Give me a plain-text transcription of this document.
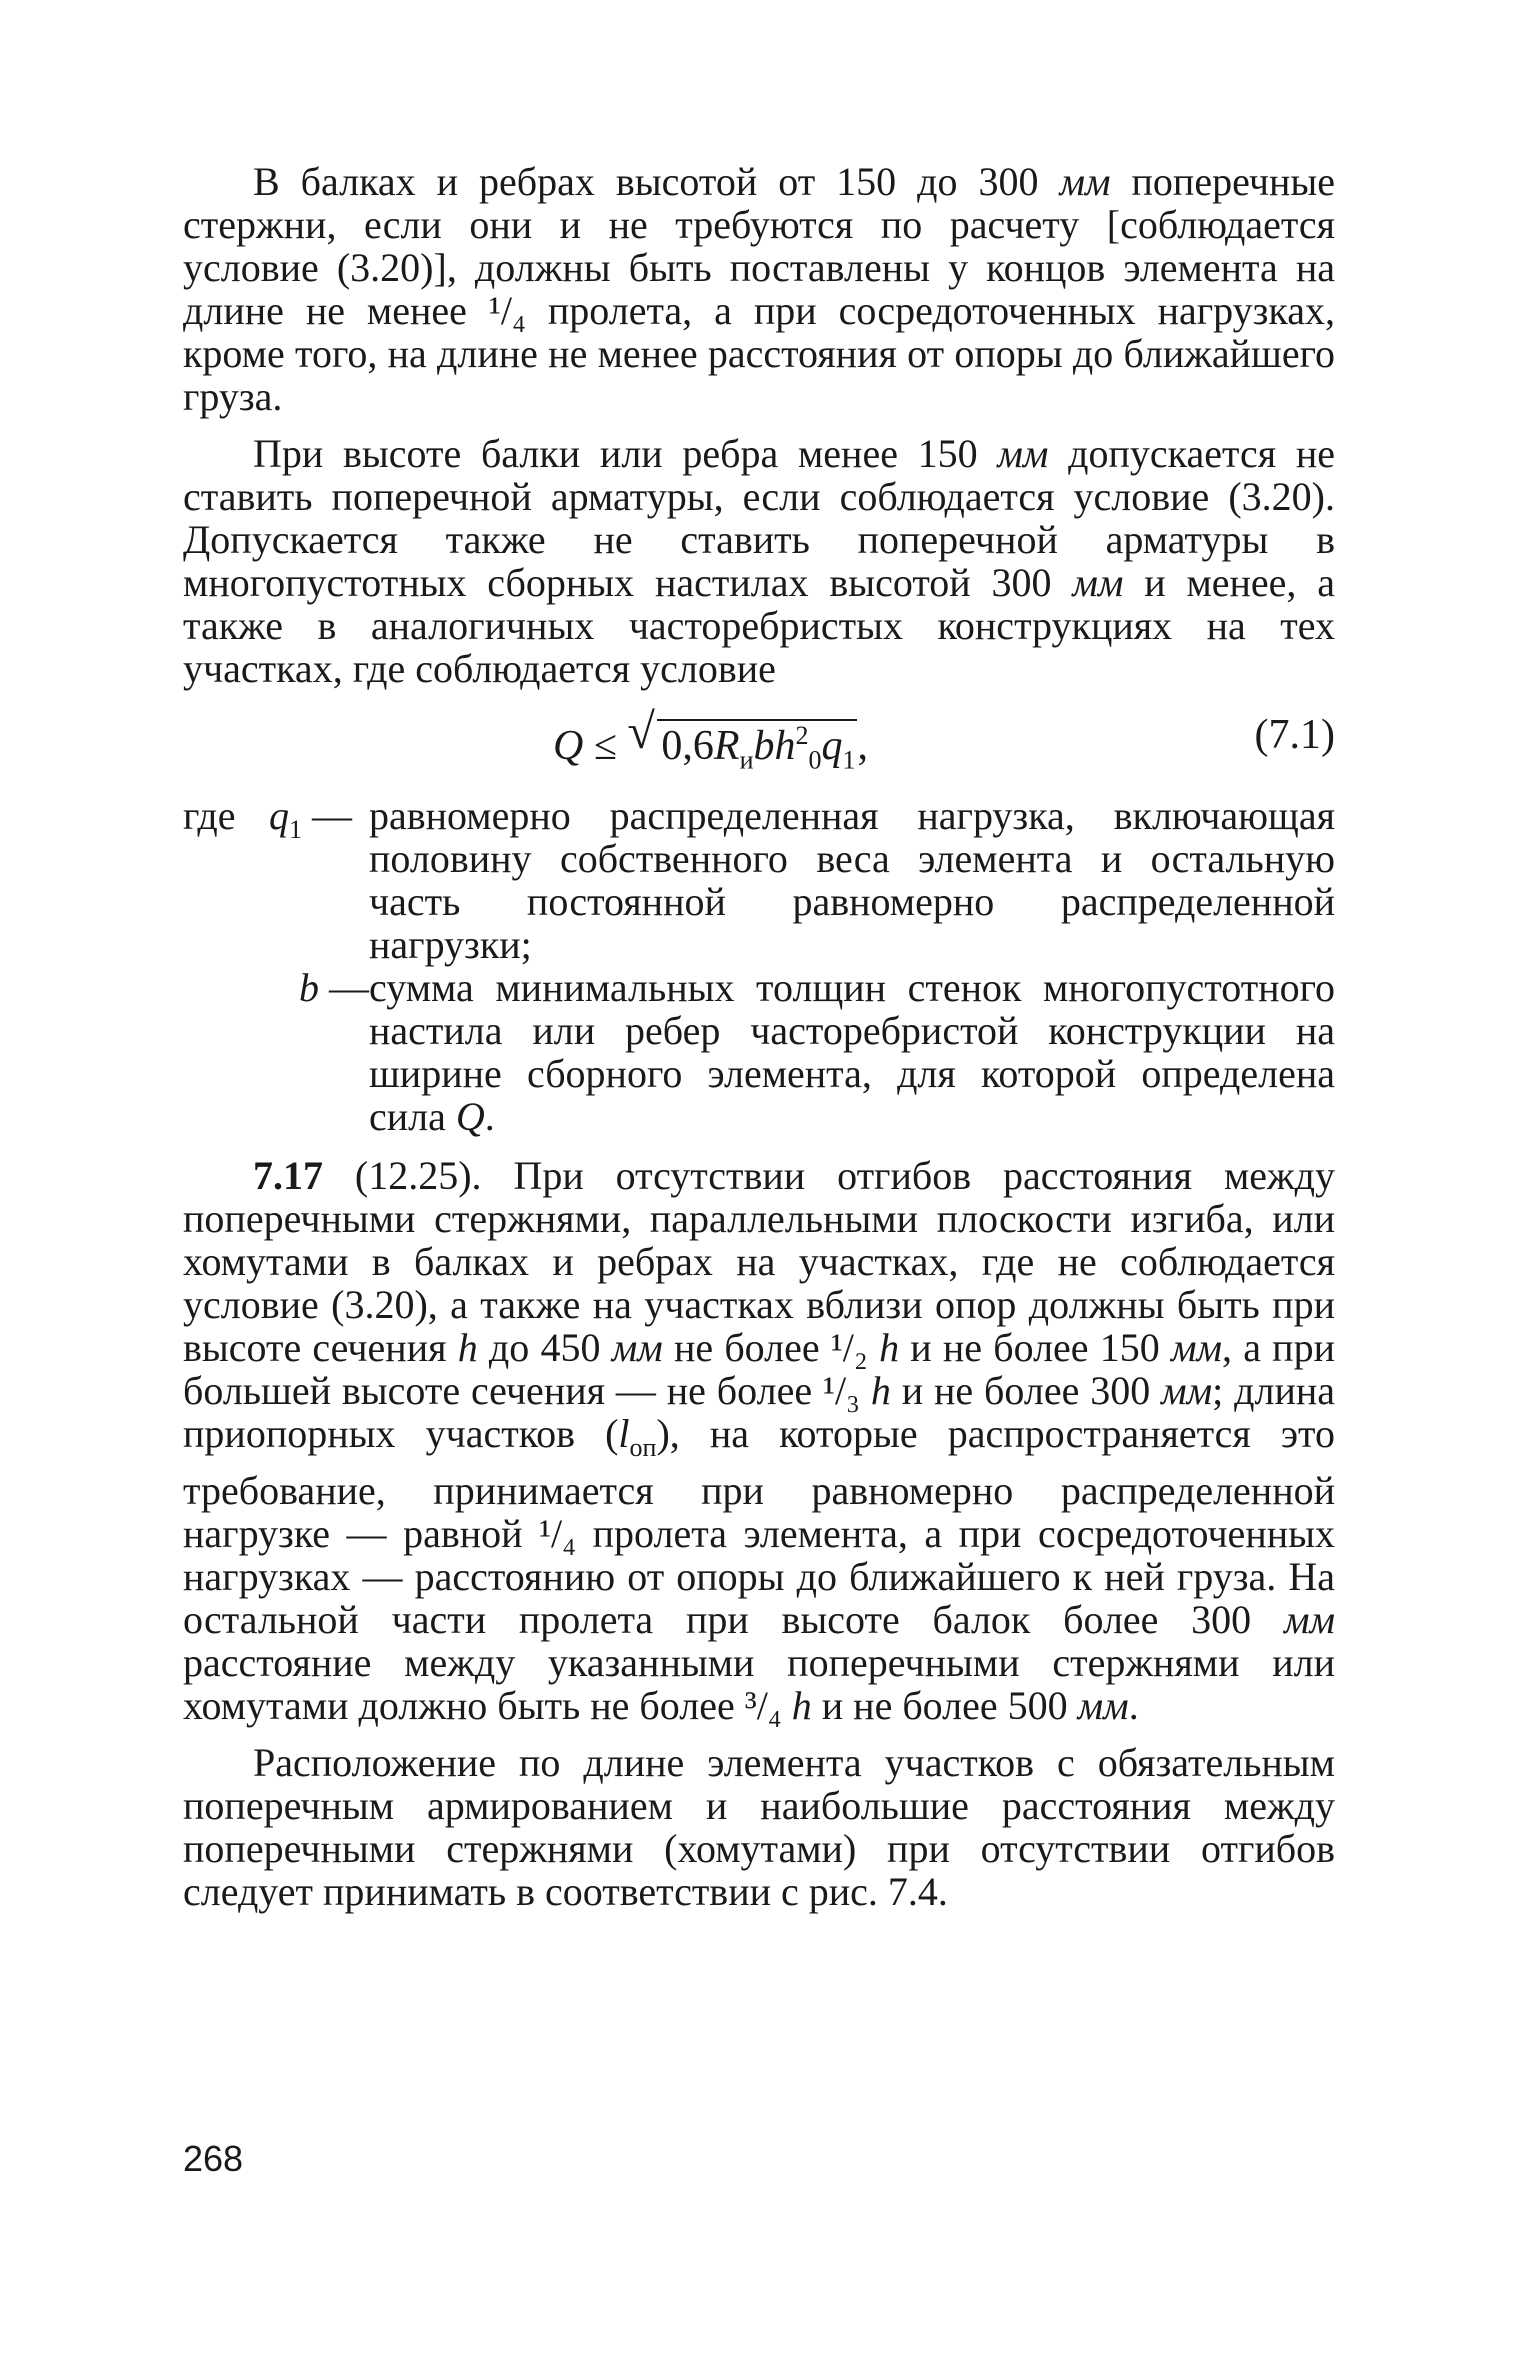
В балках и ребрах высотой от 150 до 300 мм поперечные стержни, если они и не требуются по расчету [соблюдается условие (3.20)], должны быть поставлены у концов элемента на длине не менее ¹/₄ пролета, а при сосредоточенных нагрузках, кроме того, на длине не менее расстояния от опоры до ближайшего груза.

При высоте балки или ребра менее 150 мм допускается не ставить поперечной арматуры, если соблюдается условие (3.20). Допускается также не ставить поперечной арматуры в многопустотных сборных настилах высотой 300 мм и менее, а также в аналогичных часторебристых конструкциях на тех участках, где соблюдается условие

Q ≤ √ $0,6R_иbh^2_0q_1$,	(7.1)
где $q_1$ — равномерно распределенная нагрузка, включающая половину собственного веса элемента и остальную часть постоянной равномерно распределенной нагрузки;
b — сумма минимальных толщин стенок многопустотного настила или ребер часторебристой конструкции на ширине сборного элемента, для которой определена сила Q.

7.17 (12.25). При отсутствии отгибов расстояния между поперечными стержнями, параллельными плоскости изгиба, или хомутами в балках и ребрах на участках, где не соблюдается условие (3.20), а также на участках вблизи опор должны быть при высоте сечения h до 450 мм не более ¹/₂ h и не более 150 мм, а при большей высоте сечения — не более ¹/₃ h и не более 300 мм; длина приопорных участков $(l_{оп})$, на которые распространяется это требование, принимается при равномерно распределенной нагрузке — равной ¹/₄ пролета элемента, а при сосредоточенных нагрузках — расстоянию от опоры до ближайшего к ней груза. На остальной части пролета при высоте балок более 300 мм расстояние между указанными поперечными стержнями или хомутами должно быть не более ³/₄ h и не более 500 мм.

Расположение по длине элемента участков с обязательным поперечным армированием и наибольшие расстояния между поперечными стержнями (хомутами) при отсутствии отгибов следует принимать в соответствии с рис. 7.4.

268
